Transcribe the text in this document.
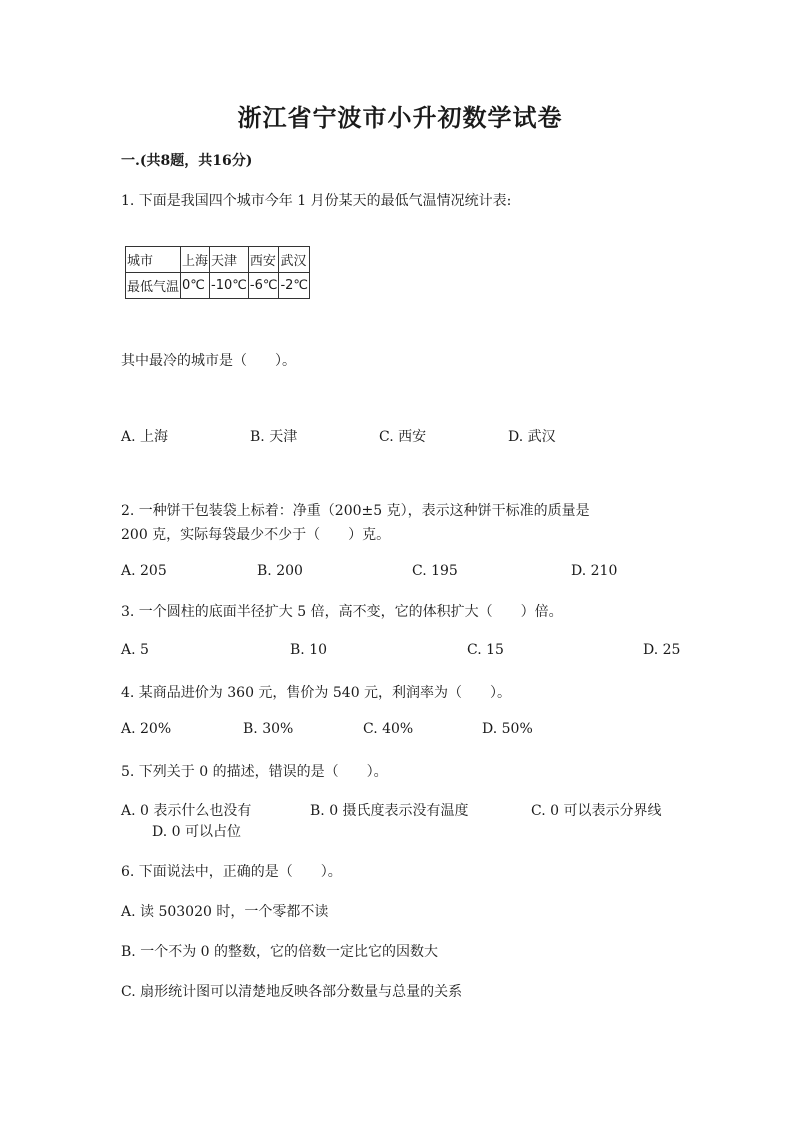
浙江省宁波市小升初数学试卷
一.(共8题，共16分)
1. 下面是我国四个城市今年 1 月份某天的最低气温情况统计表:
城市	上海	天津	西安	武汉
最低气温	0℃	-10℃	-6℃	-2℃
其中最冷的城市是（　　）。
A. 上海	B. 天津	C. 西安	D. 武汉
2. 一种饼干包装袋上标着：净重（200±5 克），表示这种饼干标准的质量是
200 克，实际每袋最少不少于（　　）克。
A. 205	B. 200	C. 195	D. 210
3. 一个圆柱的底面半径扩大 5 倍，高不变，它的体积扩大（　　）倍。
A. 5	B. 10	C. 15	D. 25
4. 某商品进价为 360 元，售价为 540 元，利润率为（　　）。
A. 20%	B. 30%	C. 40%	D. 50%
5. 下列关于 0 的描述，错误的是（　　）。
A. 0 表示什么也没有	B. 0 摄氏度表示没有温度	C. 0 可以表示分界线
D. 0 可以占位
6. 下面说法中，正确的是（　　）。
A. 读 503020 时，一个零都不读
B. 一个不为 0 的整数，它的倍数一定比它的因数大
C. 扇形统计图可以清楚地反映各部分数量与总量的关系
